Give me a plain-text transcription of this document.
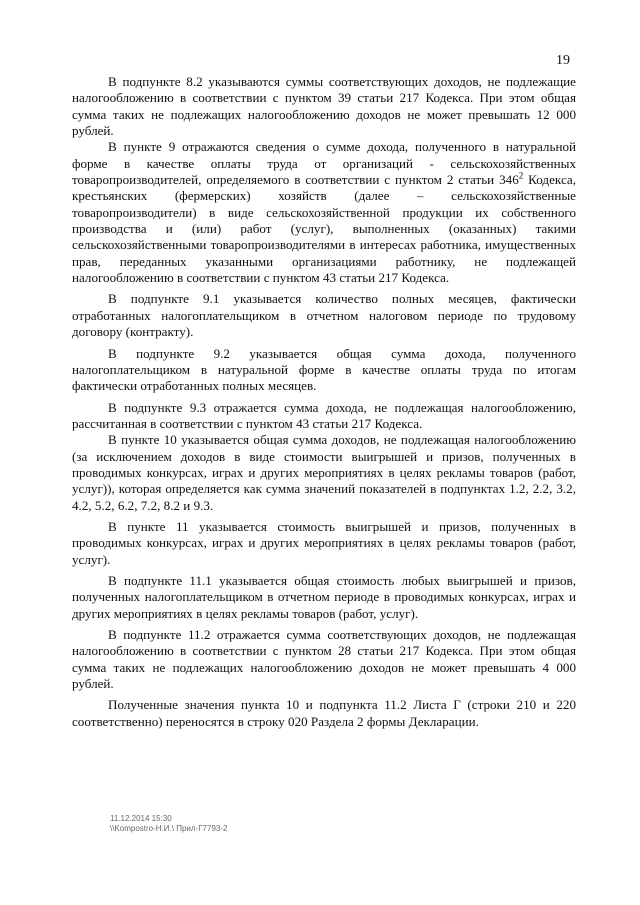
19

В подпункте 8.2 указываются суммы соответствующих доходов, не подлежащие налогообложению в соответствии с пунктом 39 статьи 217 Кодекса. При этом общая сумма таких не подлежащих налогообложению доходов не может превышать 12 000 рублей.

В пункте 9 отражаются сведения о сумме дохода, полученного в натуральной форме в качестве оплаты труда от организаций - сельскохозяйственных товаропроизводителей, определяемого в соответствии с пунктом 2 статьи $346^2$ Кодекса, крестьянских (фермерских) хозяйств (далее – сельскохозяйственные товаропроизводители) в виде сельскохозяйственной продукции их собственного производства и (или) работ (услуг), выполненных (оказанных) такими сельскохозяйственными товаропроизводителями в интересах работника, имущественных прав, переданных указанными организациями работнику, не подлежащей налогообложению в соответствии с пунктом 43 статьи 217 Кодекса.

В подпункте 9.1 указывается количество полных месяцев, фактически отработанных налогоплательщиком в отчетном налоговом периоде по трудовому договору (контракту).

В подпункте 9.2 указывается общая сумма дохода, полученного налогоплательщиком в натуральной форме в качестве оплаты труда по итогам фактически отработанных полных месяцев.

В подпункте 9.3 отражается сумма дохода, не подлежащая налогообложению, рассчитанная в соответствии с пунктом 43 статьи 217 Кодекса.

В пункте 10 указывается общая сумма доходов, не подлежащая налогообложению (за исключением доходов в виде стоимости выигрышей и призов, полученных в проводимых конкурсах, играх и других мероприятиях в целях рекламы товаров (работ, услуг)), которая определяется как сумма значений показателей в подпунктах 1.2, 2.2, 3.2, 4.2, 5.2, 6.2, 7.2, 8.2 и 9.3.

В пункте 11 указывается стоимость выигрышей и призов, полученных в проводимых конкурсах, играх и других мероприятиях в целях рекламы товаров (работ, услуг).

В подпункте 11.1 указывается общая стоимость любых выигрышей и призов, полученных налогоплательщиком в отчетном периоде в проводимых конкурсах, играх и других мероприятиях в целях рекламы товаров (работ, услуг).

В подпункте 11.2 отражается сумма соответствующих доходов, не подлежащая налогообложению в соответствии с пунктом 28 статьи 217 Кодекса. При этом общая сумма таких не подлежащих налогообложению доходов не может превышать 4 000 рублей.

Полученные значения пункта 10 и подпункта 11.2 Листа Г (строки 210 и 220 соответственно) переносятся в строку 020 Раздела 2 формы Декларации.

11.12.2014 15:30
\\Kompostro-Н.И.\ Прил-Г7793-2
